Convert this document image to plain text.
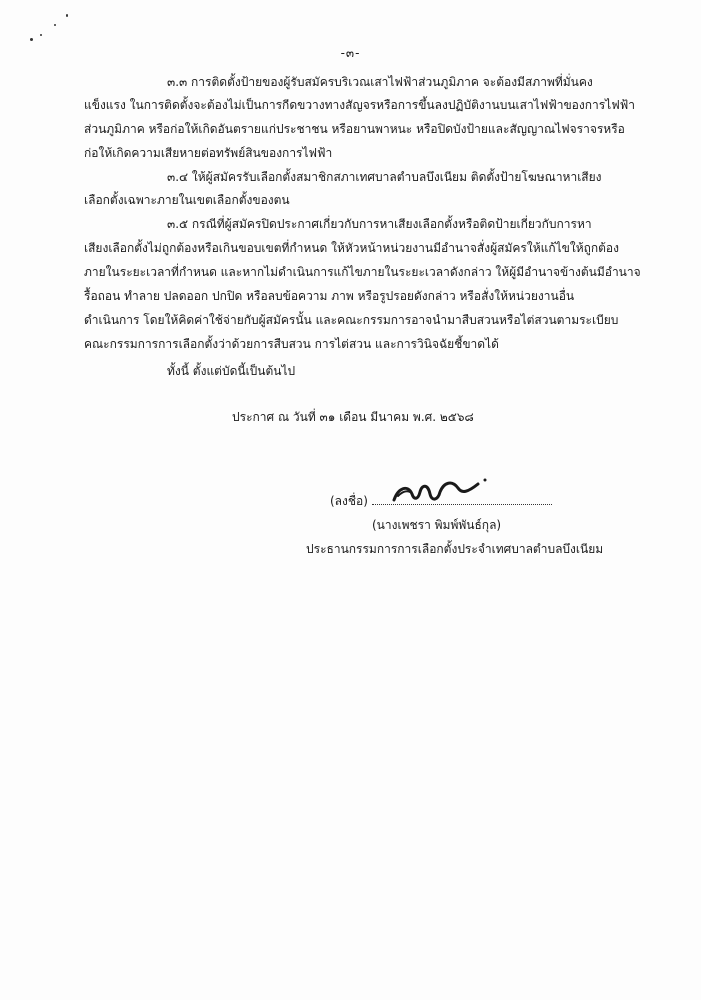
-๓-
๓.๓ การติดตั้งป้ายของผู้รับสมัครบริเวณเสาไฟฟ้าส่วนภูมิภาค จะต้องมีสภาพที่มั่นคง
แข็งแรง ในการติดตั้งจะต้องไม่เป็นการกีดขวางทางสัญจรหรือการขึ้นลงปฏิบัติงานบนเสาไฟฟ้าของการไฟฟ้า
ส่วนภูมิภาค หรือก่อให้เกิดอันตรายแก่ประชาชน หรือยานพาหนะ หรือปิดบังป้ายและสัญญาณไฟจราจรหรือ
ก่อให้เกิดความเสียหายต่อทรัพย์สินของการไฟฟ้า
๓.๔ ให้ผู้สมัครรับเลือกตั้งสมาชิกสภาเทศบาลตำบลบึงเนียม ติดตั้งป้ายโฆษณาหาเสียง
เลือกตั้งเฉพาะภายในเขตเลือกตั้งของตน
๓.๕ กรณีที่ผู้สมัครปิดประกาศเกี่ยวกับการหาเสียงเลือกตั้งหรือติดป้ายเกี่ยวกับการหา
เสียงเลือกตั้งไม่ถูกต้องหรือเกินขอบเขตที่กำหนด ให้หัวหน้าหน่วยงานมีอำนาจสั่งผู้สมัครให้แก้ไขให้ถูกต้อง
ภายในระยะเวลาที่กำหนด และหากไม่ดำเนินการแก้ไขภายในระยะเวลาดังกล่าว ให้ผู้มีอำนาจข้างต้นมีอำนาจ
รื้อถอน ทำลาย ปลดออก ปกปิด หรือลบข้อความ ภาพ หรือรูปรอยดังกล่าว หรือสั่งให้หน่วยงานอื่น
ดำเนินการ โดยให้คิดค่าใช้จ่ายกับผู้สมัครนั้น และคณะกรรมการอาจนำมาสืบสวนหรือไต่สวนตามระเบียบ
คณะกรรมการการเลือกตั้งว่าด้วยการสืบสวน การไต่สวน และการวินิจฉัยชี้ขาดได้
ทั้งนี้ ตั้งแต่บัดนี้เป็นต้นไป
ประกาศ ณ วันที่ ๓๑ เดือน มีนาคม พ.ศ. ๒๕๖๘
(ลงชื่อ)
(นางเพชรา พิมพ์พันธ์กุล)
ประธานกรรมการการเลือกตั้งประจำเทศบาลตำบลบึงเนียม
